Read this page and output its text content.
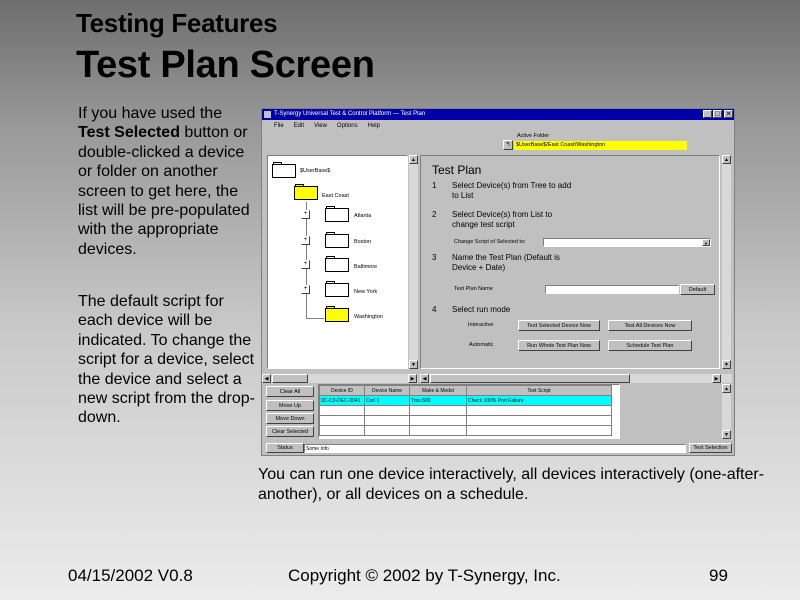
Testing Features
Test Plan Screen
If you have used the Test Selected button or double-clicked a device or folder on another screen to get here, the list will be pre-populated with the appropriate devices.
The default script for each device will be indicated. To change the script for a device, select the device and select a new script from the drop-down.
T-Synergy Universal Test & Control Platform — Test Plan	_ □ ✕
File Edit View Options Help
Active Folder
↰ $UserBase$/East Coast/Washington
$UserBase$
East Coast
+	Atlanta
+	Boston
+	Baltimore
+	New York
Washington
▲
▼
Test Plan
1 Select Device(s) from Tree to add to List
2 Select Device(s) from List to change test script
Change Script of Selected to:	▼
3 Name the Test Plan (Default is Device + Date)
Test Plan Name	Default
4 Select run mode
Interactive	Test Selected Device Now	Test All Devices Now
Automatic	Run Whole Test Plan Now	Schedule Test Plan
▲
▼
◀	▶	◀	▶
Clear All
Move Up
Move Down
Clear Selected
Device ID	Device Name	Make & Model	Test Script
0C-C0-DEC-0041	Cnrl 1	Tms 600	Check 100% Port Failure

▲
▼
Status	Some Info	Test Selection
You can run one device interactively, all devices interactively (one-after-another), or all devices on a schedule.
04/15/2002 V0.8	Copyright © 2002 by T-Synergy, Inc.	99
